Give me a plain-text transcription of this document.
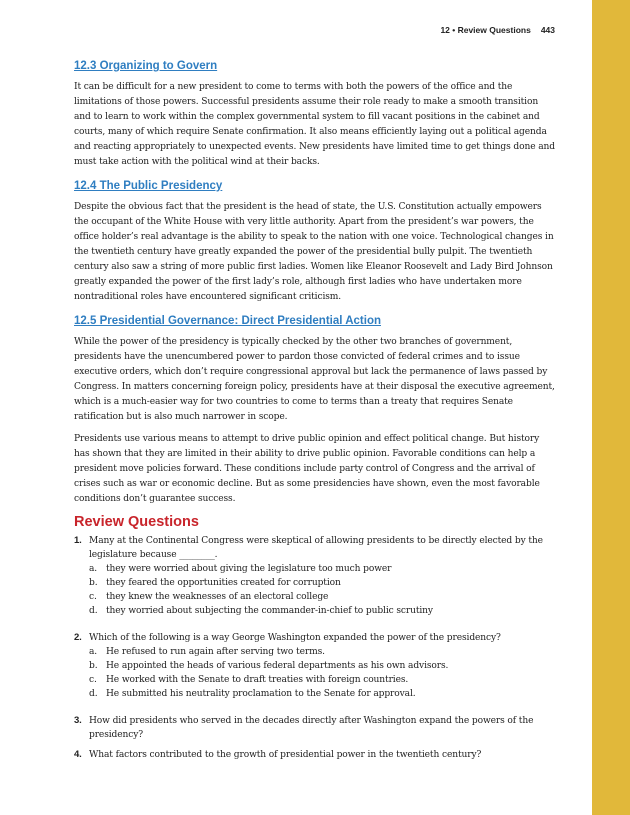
12 • Review Questions 443
12.3 Organizing to Govern

It can be difficult for a new president to come to terms with both the powers of the office and the limitations of those powers. Successful presidents assume their role ready to make a smooth transition and to learn to work within the complex governmental system to fill vacant positions in the cabinet and courts, many of which require Senate confirmation. It also means efficiently laying out a political agenda and reacting appropriately to unexpected events. New presidents have limited time to get things done and must take action with the political wind at their backs.

12.4 The Public Presidency

Despite the obvious fact that the president is the head of state, the U.S. Constitution actually empowers the occupant of the White House with very little authority. Apart from the president’s war powers, the office holder’s real advantage is the ability to speak to the nation with one voice. Technological changes in the twentieth century have greatly expanded the power of the presidential bully pulpit. The twentieth century also saw a string of more public first ladies. Women like Eleanor Roosevelt and Lady Bird Johnson greatly expanded the power of the first lady’s role, although first ladies who have undertaken more nontraditional roles have encountered significant criticism.

12.5 Presidential Governance: Direct Presidential Action

While the power of the presidency is typically checked by the other two branches of government, presidents have the unencumbered power to pardon those convicted of federal crimes and to issue executive orders, which don’t require congressional approval but lack the permanence of laws passed by Congress. In matters concerning foreign policy, presidents have at their disposal the executive agreement, which is a much-easier way for two countries to come to terms than a treaty that requires Senate ratification but is also much narrower in scope.

Presidents use various means to attempt to drive public opinion and effect political change. But history has shown that they are limited in their ability to drive public opinion. Favorable conditions can help a president move policies forward. These conditions include party control of Congress and the arrival of crises such as war or economic decline. But as some presidencies have shown, even the most favorable conditions don’t guarantee success.

Review Questions
1. Many at the Continental Congress were skeptical of allowing presidents to be directly elected by the legislature because ________.
a. they were worried about giving the legislature too much power
b. they feared the opportunities created for corruption
c.	they knew the weaknesses of an electoral college
d. they worried about subjecting the commander-in-chief to public scrutiny
2. Which of the following is a way George Washington expanded the power of the presidency?
a. He refused to run again after serving two terms.
b. He appointed the heads of various federal departments as his own advisors.
c.	He worked with the Senate to draft treaties with foreign countries.
d. He submitted his neutrality proclamation to the Senate for approval.
3. How did presidents who served in the decades directly after Washington expand the powers of the presidency?
4. What factors contributed to the growth of presidential power in the twentieth century?
